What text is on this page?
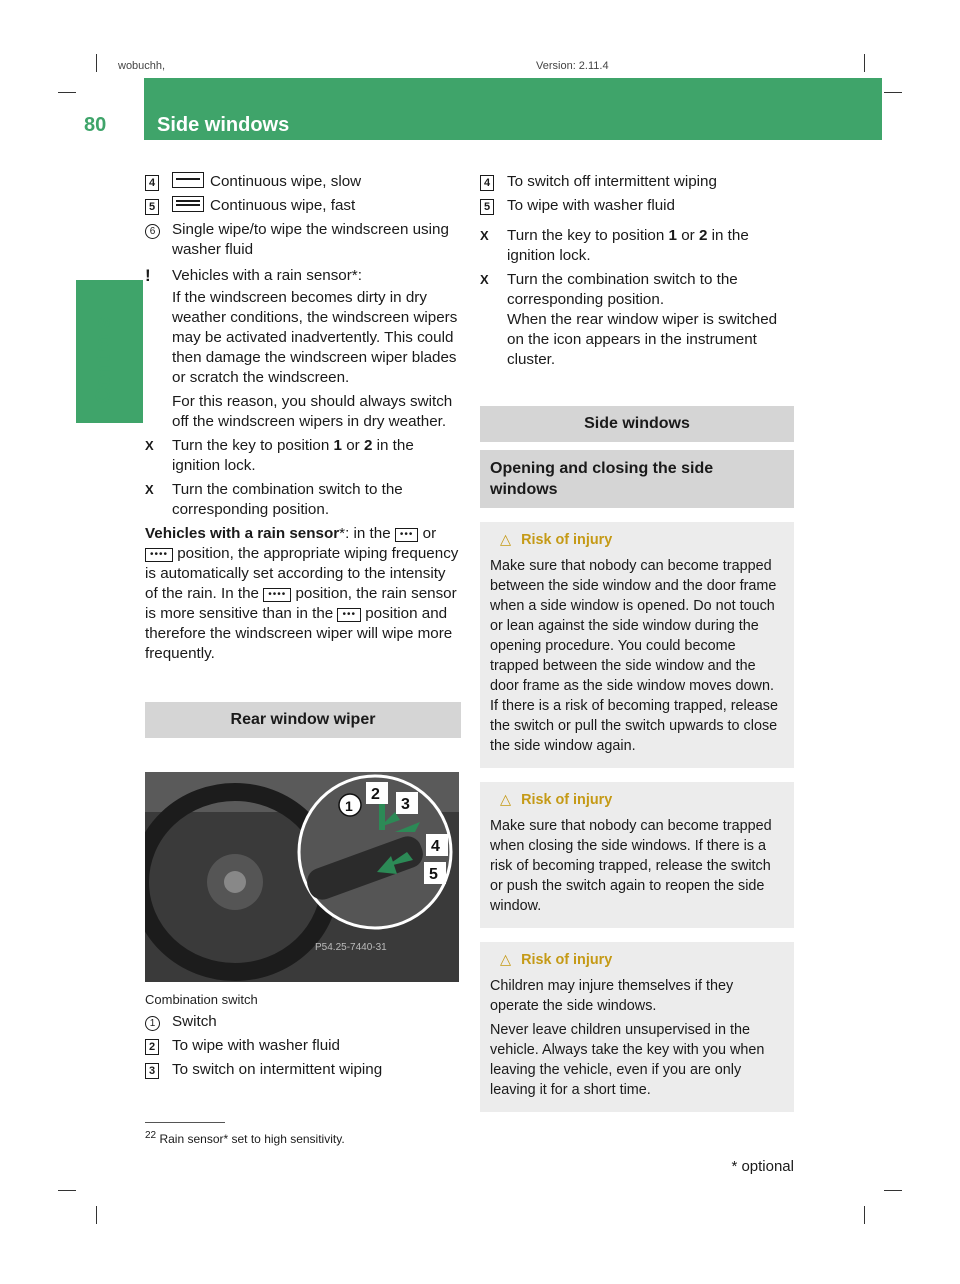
wobuchh,	Version: 2.11.4
80	Side windows
Controls
4	Continuous wipe, slow
5	Continuous wipe, fast
6	Single wipe/to wipe the windscreen using washer fluid
!	Vehicles with a rain sensor*:
If the windscreen becomes dirty in dry weather conditions, the windscreen wipers may be activated inadvertently. This could then damage the windscreen wiper blades or scratch the windscreen.
For this reason, you should always switch off the windscreen wipers in dry weather.
X	Turn the key to position 1 or 2 in the ignition lock.
X	Turn the combination switch to the corresponding position.
Vehicles with a rain sensor*: in the ••• or •••• position, the appropriate wiping frequency is automatically set according to the intensity of the rain. In the •••• position, the rain sensor is more sensitive than in the ••• position and therefore the windscreen wiper will wipe more frequently.
Rear window wiper
P54.25-7440-31
2
3
4
5
1
Combination switch
1	Switch
2	To wipe with washer fluid
3	To switch on intermittent wiping
4	To switch off intermittent wiping
5	To wipe with washer fluid
X	Turn the key to position 1 or 2 in the ignition lock.
X	Turn the combination switch to the corresponding position.
When the rear window wiper is switched on the icon appears in the instrument cluster.
Side windows
Opening and closing the side windows
△ Risk of injury

Make sure that nobody can become trapped between the side window and the door frame when a side window is opened. Do not touch or lean against the side window during the opening procedure. You could become trapped between the side window and the door frame as the side window moves down. If there is a risk of becoming trapped, release the switch or pull the switch upwards to close the side window again.

△ Risk of injury

Make sure that nobody can become trapped when closing the side windows. If there is a risk of becoming trapped, release the switch or push the switch again to reopen the side window.

△ Risk of injury

Children may injure themselves if they operate the side windows.

Never leave children unsupervised in the vehicle. Always take the key with you when leaving the vehicle, even if you are only leaving it for a short time.

$^{22}$ Rain sensor* set to high sensitivity.
* optional
